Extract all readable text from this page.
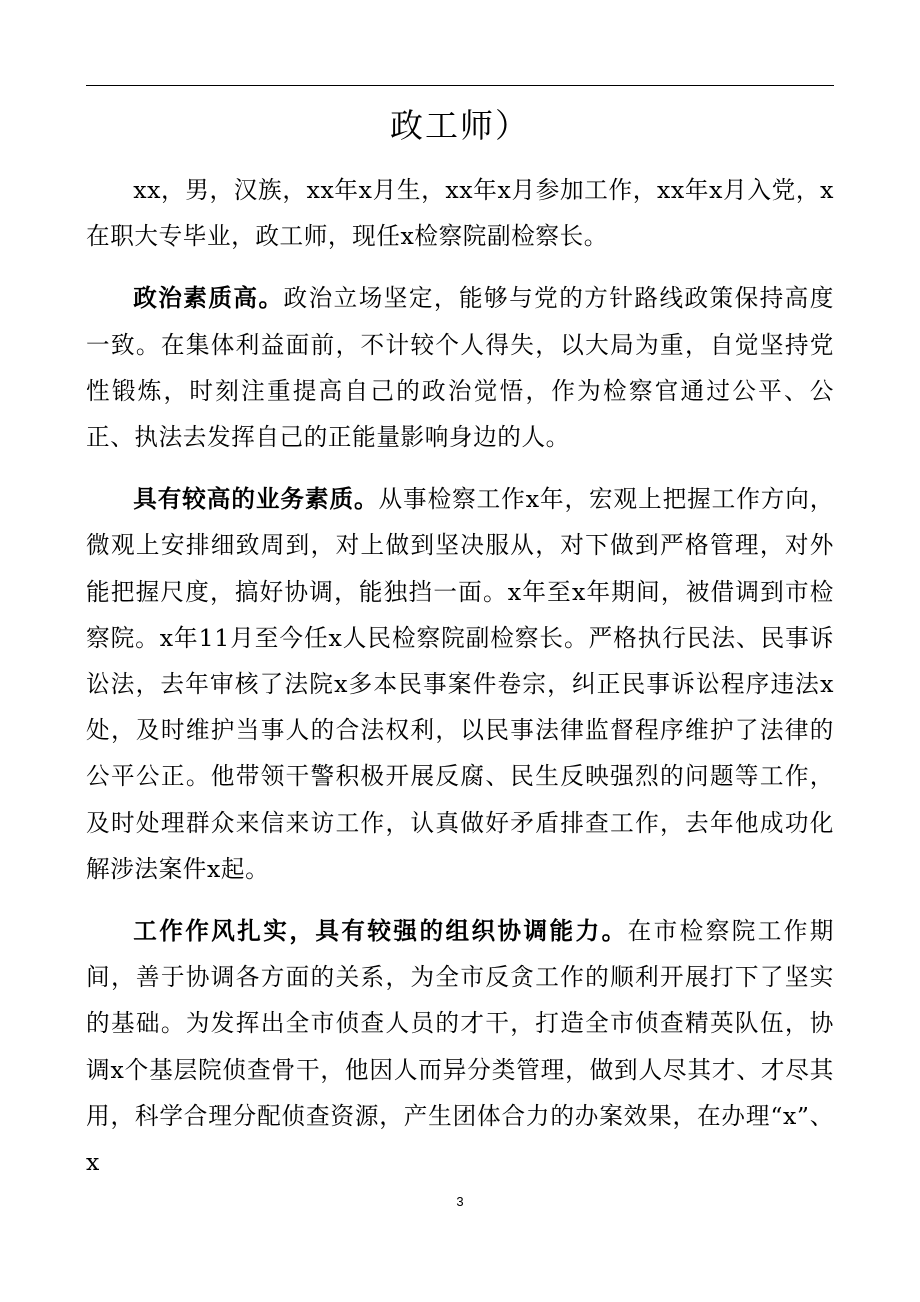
政工师）

xx，男，汉族，xx年x月生，xx年x月参加工作，xx年x月入党，x在职大专毕业，政工师，现任x检察院副检察长。

政治素质高。政治立场坚定，能够与党的方针路线政策保持高度一致。在集体利益面前，不计较个人得失，以大局为重，自觉坚持党性锻炼，时刻注重提高自己的政治觉悟，作为检察官通过公平、公正、执法去发挥自己的正能量影响身边的人。

具有较高的业务素质。从事检察工作x年，宏观上把握工作方向，微观上安排细致周到，对上做到坚决服从，对下做到严格管理，对外能把握尺度，搞好协调，能独挡一面。x年至x年期间，被借调到市检察院。x年11月至今任x人民检察院副检察长。严格执行民法、民事诉讼法，去年审核了法院x多本民事案件卷宗，纠正民事诉讼程序违法x处，及时维护当事人的合法权利，以民事法律监督程序维护了法律的公平公正。他带领干警积极开展反腐、民生反映强烈的问题等工作，及时处理群众来信来访工作，认真做好矛盾排查工作，去年他成功化解涉法案件x起。

工作作风扎实，具有较强的组织协调能力。在市检察院工作期间，善于协调各方面的关系，为全市反贪工作的顺利开展打下了坚实的基础。为发挥出全市侦查人员的才干，打造全市侦查精英队伍，协调x个基层院侦查骨干，他因人而异分类管理，做到人尽其才、才尽其用，科学合理分配侦查资源，产生团体合力的办案效果，在办理“x”、x

3
